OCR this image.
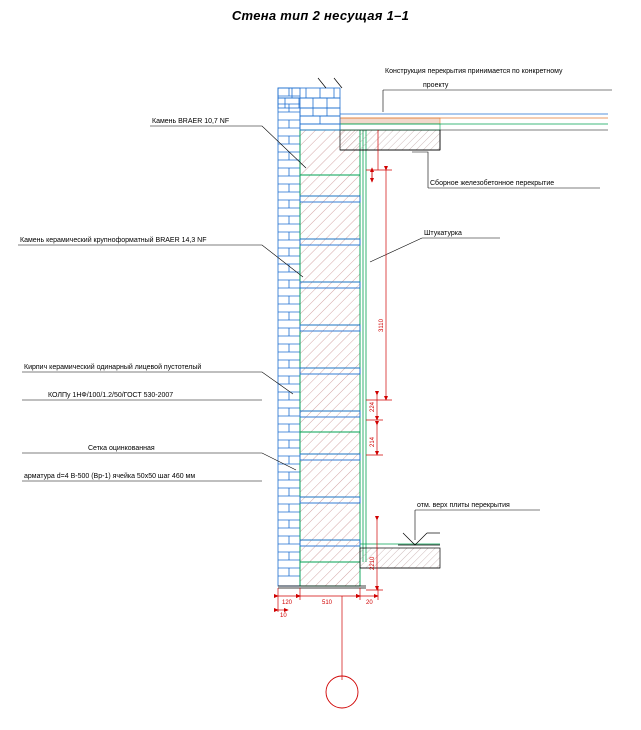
Стена тип 2 несущая 1–1
Камень BRAER 10,7 NF
Камень керамический крупноформатный BRAER 14,3 NF
Кирпич керамический одинарный лицевой пустотелый
КОЛПу 1НФ/100/1.2/50/ГОСТ 530-2007
Сетка оцинкованная
арматура d=4 В-500 (Вр-1) ячейка 50х50 шаг 460 мм
Конструкция перекрытия принимается по конкретному
проекту
Сборное железобетонное перекрытие
Штукатурка
отм. верх плиты перекрытия
3110
224
214
2210
120	510	20
10
